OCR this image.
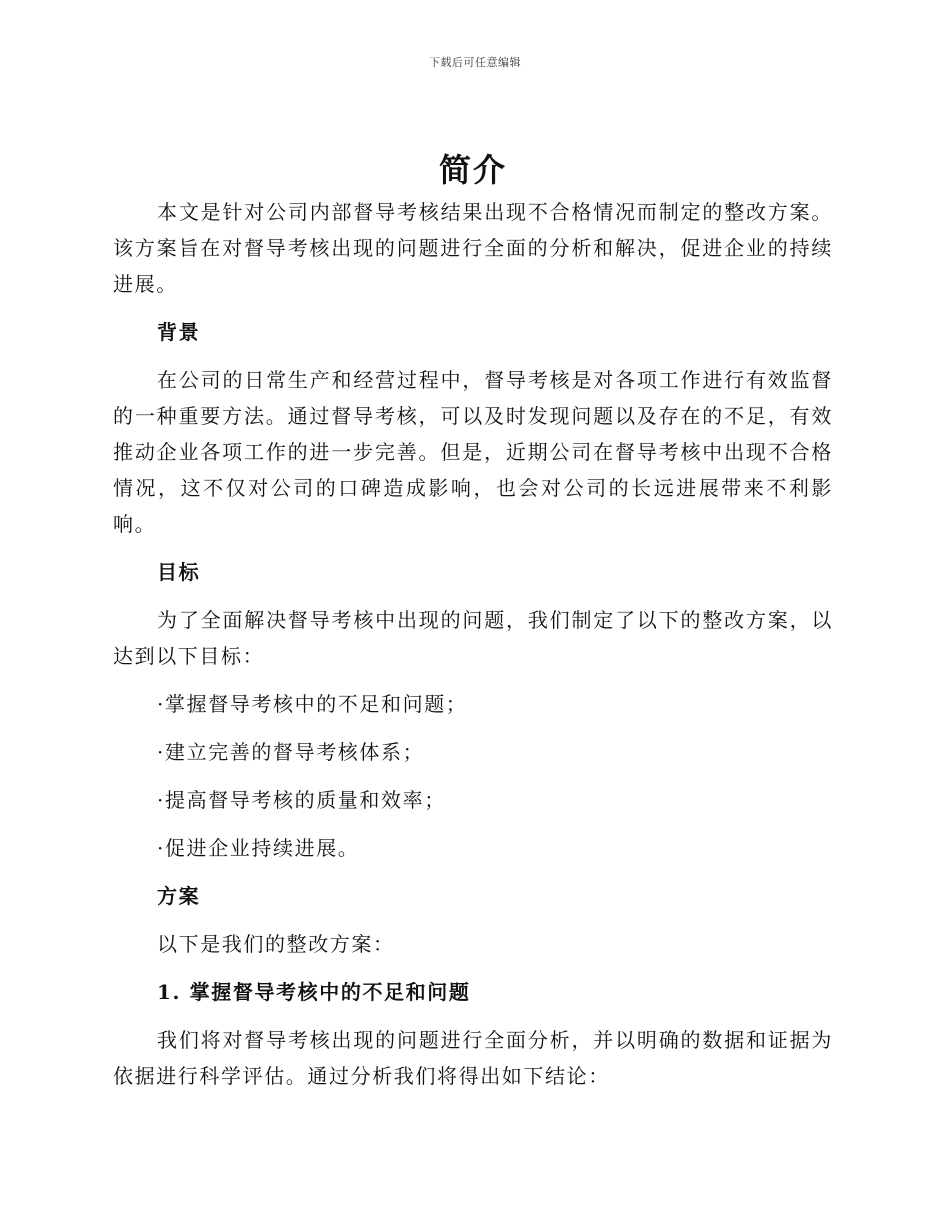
下载后可任意编辑
简介

本文是针对公司内部督导考核结果出现不合格情况而制定的整改方案。该方案旨在对督导考核出现的问题进行全面的分析和解决，促进企业的持续进展。

背景

在公司的日常生产和经营过程中，督导考核是对各项工作进行有效监督的一种重要方法。通过督导考核，可以及时发现问题以及存在的不足，有效推动企业各项工作的进一步完善。但是，近期公司在督导考核中出现不合格情况，这不仅对公司的口碑造成影响，也会对公司的长远进展带来不利影响。

目标

为了全面解决督导考核中出现的问题，我们制定了以下的整改方案，以达到以下目标：

·掌握督导考核中的不足和问题；
·建立完善的督导考核体系；
·提高督导考核的质量和效率；
·促进企业持续进展。
方案

以下是我们的整改方案：

1. 掌握督导考核中的不足和问题

我们将对督导考核出现的问题进行全面分析，并以明确的数据和证据为依据进行科学评估。通过分析我们将得出如下结论：
